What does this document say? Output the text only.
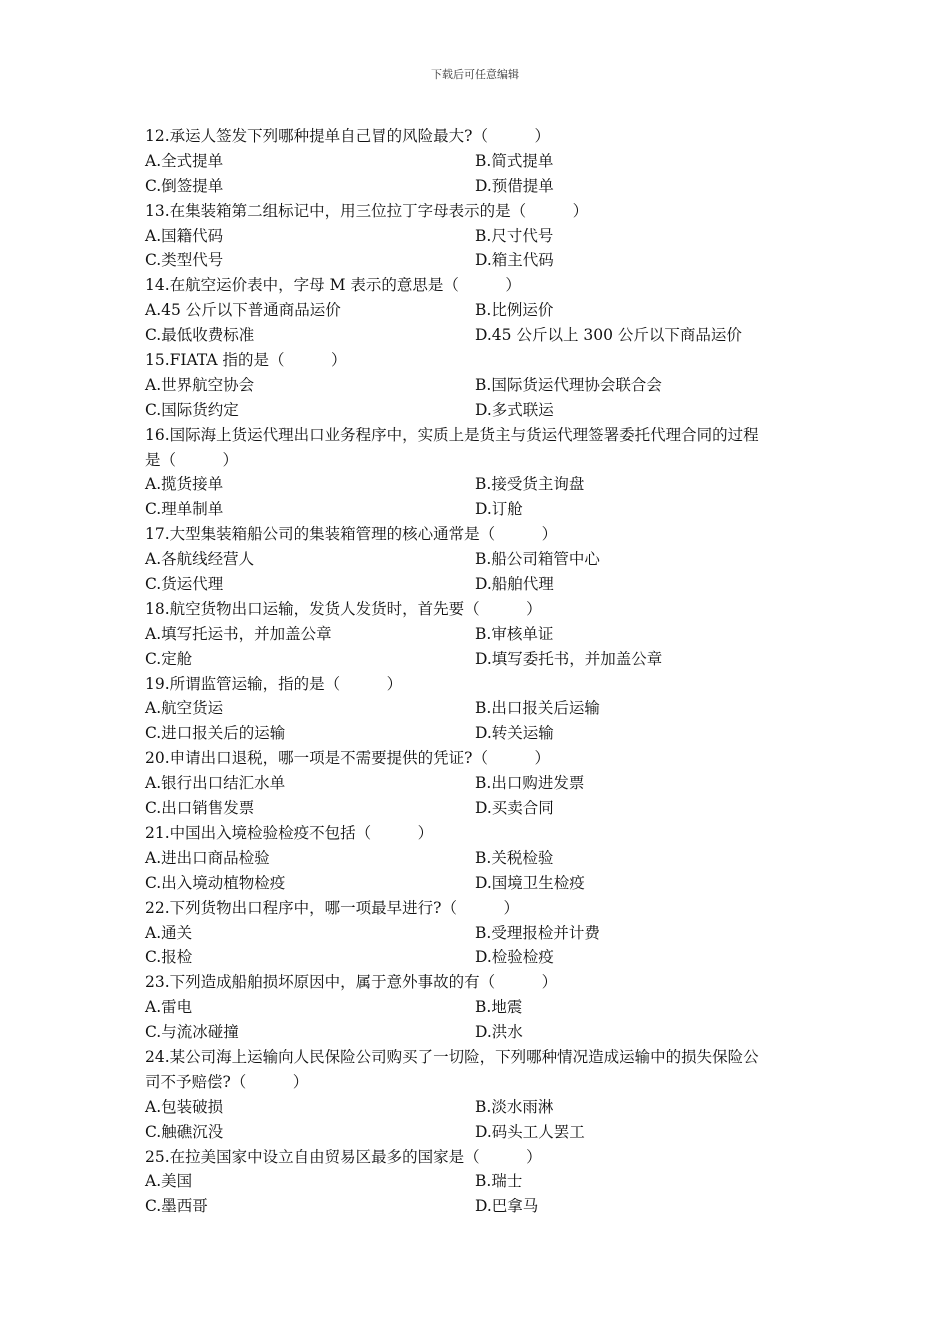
下载后可任意编辑
12.承运人签发下列哪种提单自己冒的风险最大?（　　　）
A.全式提单	B.简式提单
C.倒签提单	D.预借提单
13.在集装箱第二组标记中，用三位拉丁字母表示的是（　　　）
A.国籍代码	B.尺寸代号
C.类型代号	D.箱主代码
14.在航空运价表中，字母 M 表示的意思是（　　　）
A.45 公斤以下普通商品运价	B.比例运价
C.最低收费标准	D.45 公斤以上 300 公斤以下商品运价
15.FIATA 指的是（　　　）
A.世界航空协会	B.国际货运代理协会联合会
C.国际货约定	D.多式联运
16.国际海上货运代理出口业务程序中，实质上是货主与货运代理签署委托代理合同的过程
是（　　　）
A.揽货接单	B.接受货主询盘
C.理单制单	D.订舱
17.大型集装箱船公司的集装箱管理的核心通常是（　　　）
A.各航线经营人	B.船公司箱管中心
C.货运代理	D.船舶代理
18.航空货物出口运输，发货人发货时，首先要（　　　）
A.填写托运书，并加盖公章	B.审核单证
C.定舱	D.填写委托书，并加盖公章
19.所谓监管运输，指的是（　　　）
A.航空货运	B.出口报关后运输
C.进口报关后的运输	D.转关运输
20.申请出口退税，哪一项是不需要提供的凭证?（　　　）
A.银行出口结汇水单	B.出口购进发票
C.出口销售发票	D.买卖合同
21.中国出入境检验检疫不包括（　　　）
A.进出口商品检验	B.关税检验
C.出入境动植物检疫	D.国境卫生检疫
22.下列货物出口程序中，哪一项最早进行?（　　　）
A.通关	B.受理报检并计费
C.报检	D.检验检疫
23.下列造成船舶损坏原因中，属于意外事故的有（　　　）
A.雷电	B.地震
C.与流冰碰撞	D.洪水
24.某公司海上运输向人民保险公司购买了一切险，下列哪种情况造成运输中的损失保险公
司不予赔偿?（　　　）
A.包装破损	B.淡水雨淋
C.触礁沉没	D.码头工人罢工
25.在拉美国家中设立自由贸易区最多的国家是（　　　）
A.美国	B.瑞士
C.墨西哥	D.巴拿马
